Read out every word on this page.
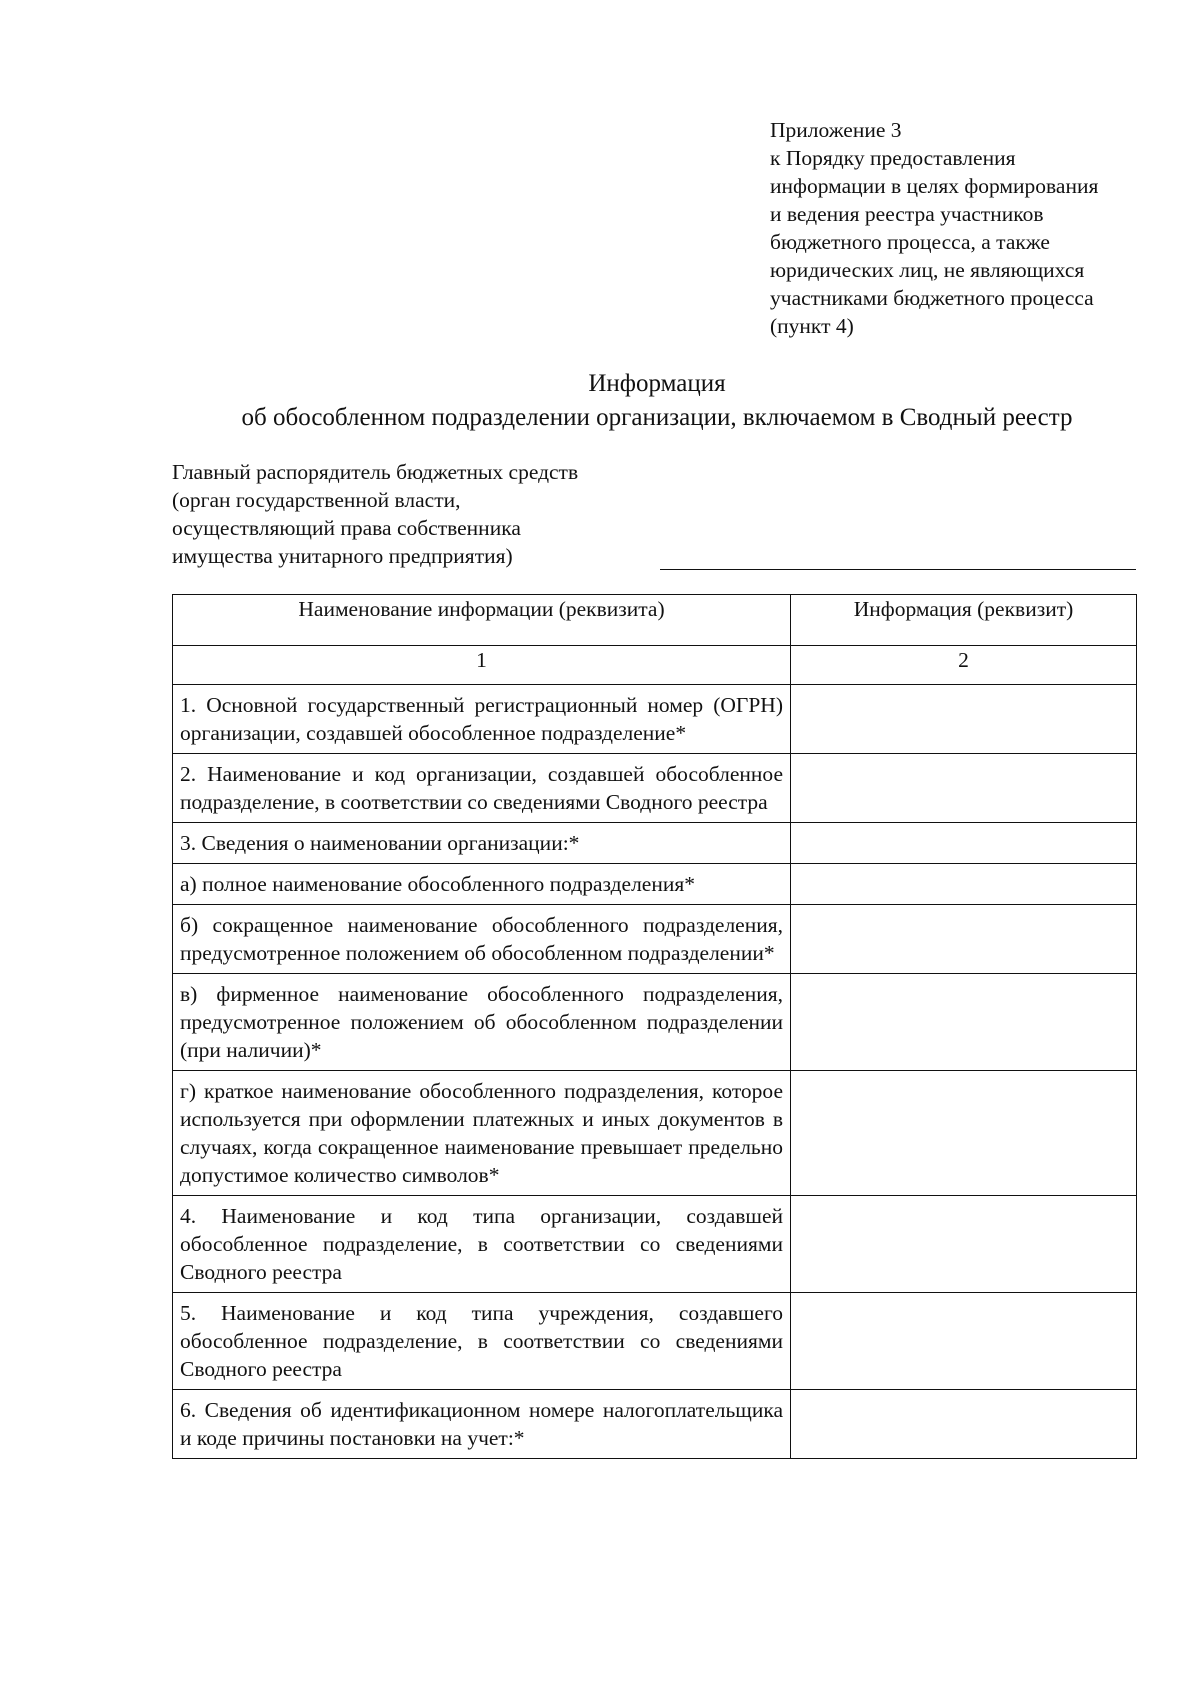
Приложение 3
к Порядку предоставления
информации в целях формирования
и ведения реестра участников
бюджетного процесса, а также
юридических лиц, не являющихся
участниками бюджетного процесса
(пункт 4)
Информация
об обособленном подразделении организации, включаемом в Сводный реестр
Главный распорядитель бюджетных средств
(орган государственной власти,
осуществляющий права собственника
имущества унитарного предприятия)
Наименование информации (реквизита)	Информация (реквизит)
1	2
1. Основной государственный регистрационный номер (ОГРН) организации, создавшей обособленное подразделение*	
2. Наименование и код организации, создавшей обособленное подразделение, в соответствии со сведениями Сводного реестра	
3. Сведения о наименовании организации:*	
а) полное наименование обособленного подразделения*	
б) сокращенное наименование обособленного подразделения, предусмотренное положением об обособленном подразделении*	
в) фирменное наименование обособленного подразделения, предусмотренное положением об обособленном подразделении (при наличии)*	
г) краткое наименование обособленного подразделения, которое используется при оформлении платежных и иных документов в случаях, когда сокращенное наименование превышает предельно допустимое количество символов*	
4. Наименование и код типа организации, создавшей обособленное подразделение, в соответствии со сведениями Сводного реестра	
5. Наименование и код типа учреждения, создавшего обособленное подразделение, в соответствии со сведениями Сводного реестра	
6. Сведения об идентификационном номере налогоплательщика и коде причины постановки на учет:*	
